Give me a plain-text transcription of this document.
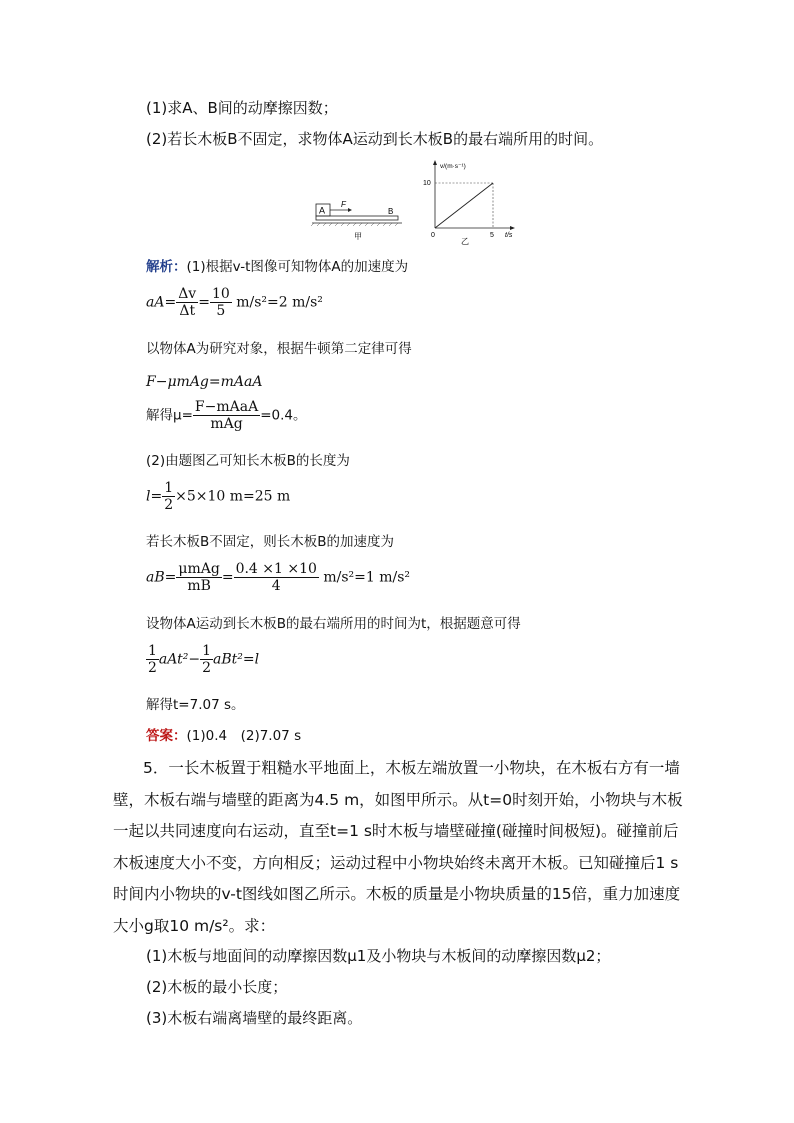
(1)求A、B间的动摩擦因数；
(2)若长木板B不固定，求物体A运动到长木板B的最右端所用的时间。
A
F
B
甲
v/(m·s⁻¹)
10
5
0	t/s
乙
解析：(1)根据v-t图像可知物体A的加速度为
$aA= \frac{\Delta v}{\Delta t} = \frac{10}{5} m/s^2=2$ m/s²
以物体A为研究对象，根据牛顿第二定律可得
F−μmAg=mAaA
解得$\mu= \frac{\text{F−mAaA}}{\text{mAg}} =0.4$。
(2)由题图乙可知长木板B的长度为
$l= \frac{1}{2} \times 5\times 10$ m=25 m
若长木板B不固定，则长木板B的加速度为
$aB= \frac{\text{μmAg}}{mB} = \frac{0.4 \times 1 \times 10}{4} m/s^2=1$ m/s²
设物体A运动到长木板B的最右端所用的时间为t，根据题意可得
$\frac{1}{2} aAt^2- \frac{1}{2} aBt^2=l$
解得t=7.07 s。
答案：(1)0.4　(2)7.07 s
5．一长木板置于粗糙水平地面上，木板左端放置一小物块，在木板右方有一墙壁，木板右端与墙壁的距离为4.5 m，如图甲所示。从t=0时刻开始，小物块与木板一起以共同速度向右运动，直至t=1 s时木板与墙壁碰撞(碰撞时间极短)。碰撞前后木板速度大小不变，方向相反；运动过程中小物块始终未离开木板。已知碰撞后1 s时间内小物块的v-t图线如图乙所示。木板的质量是小物块质量的15倍，重力加速度大小g取10 m/s²。求：
(1)木板与地面间的动摩擦因数μ1及小物块与木板间的动摩擦因数μ2；
(2)木板的最小长度；
(3)木板右端离墙壁的最终距离。
